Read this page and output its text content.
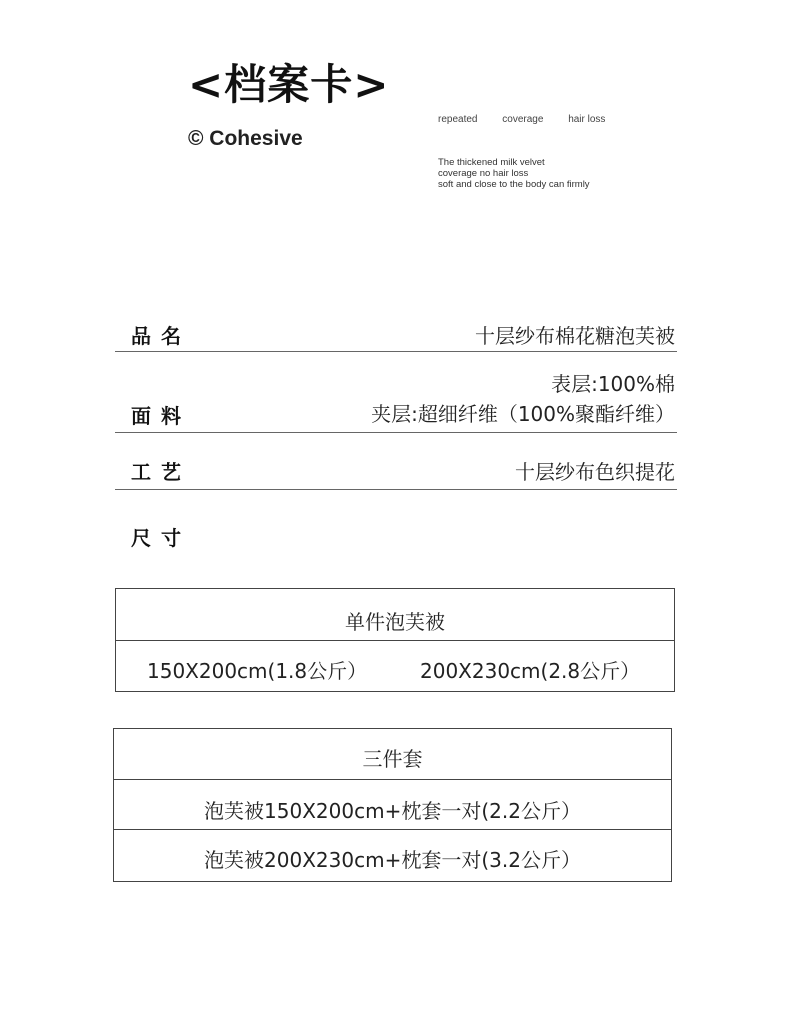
<档案卡>
© Cohesive
repeated coverage hair loss
The thickened milk velvet
coverage no hair loss
soft and close to the body can firmly
品名	十层纱布棉花糖泡芙被
面料
表层:100%棉
夹层:超细纤维（100%聚酯纤维）
工艺	十层纱布色织提花
尺寸
单件泡芙被
150X200cm(1.8公斤）	200X230cm(2.8公斤）
三件套
泡芙被150X200cm+枕套一对(2.2公斤）
泡芙被200X230cm+枕套一对(3.2公斤）
